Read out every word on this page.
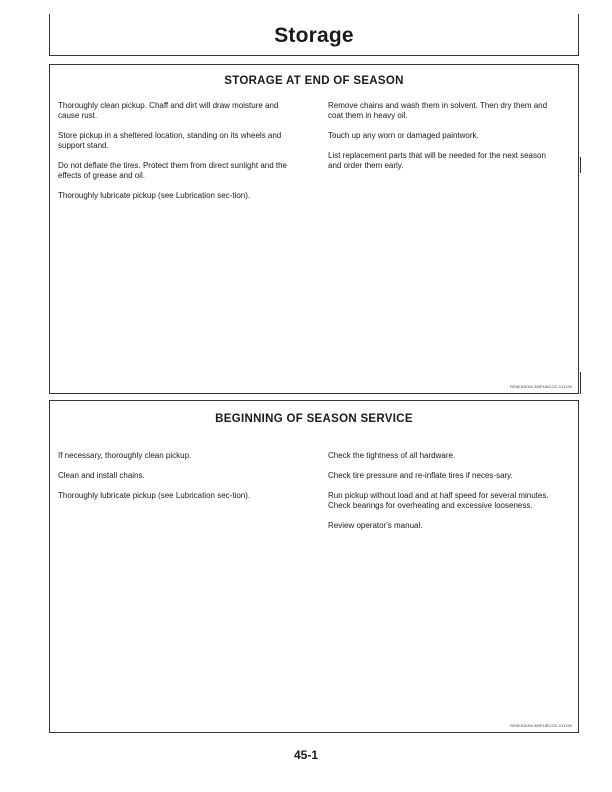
Storage
STORAGE AT END OF SEASON

Thoroughly clean pickup. Chaff and dirt will draw moisture and cause rust.

Store pickup in a sheltered location, standing on its wheels and support stand.

Do not deflate the tires. Protect them from direct sunlight and the effects of grease and oil.

Thoroughly lubricate pickup (see Lubrication sec-tion).

Remove chains and wash them in solvent. Then dry them and coat them in heavy oil.

Touch up any worn or damaged paintwork.

List replacement parts that will be needed for the next season and order them early.

REMISAOM-3MPUACCE-011190
BEGINNING OF SEASON SERVICE

If necessary, thoroughly clean pickup.

Clean and install chains.

Thoroughly lubricate pickup (see Lubrication sec-tion).

Check the tightness of all hardware.

Check tire pressure and re-inflate tires if neces-sary.

Run pickup without load and at half speed for several minutes. Check bearings for overheating and excessive looseness.

Review operator's manual.

REMISAOM-3MPUBCCE-011190
45-1
